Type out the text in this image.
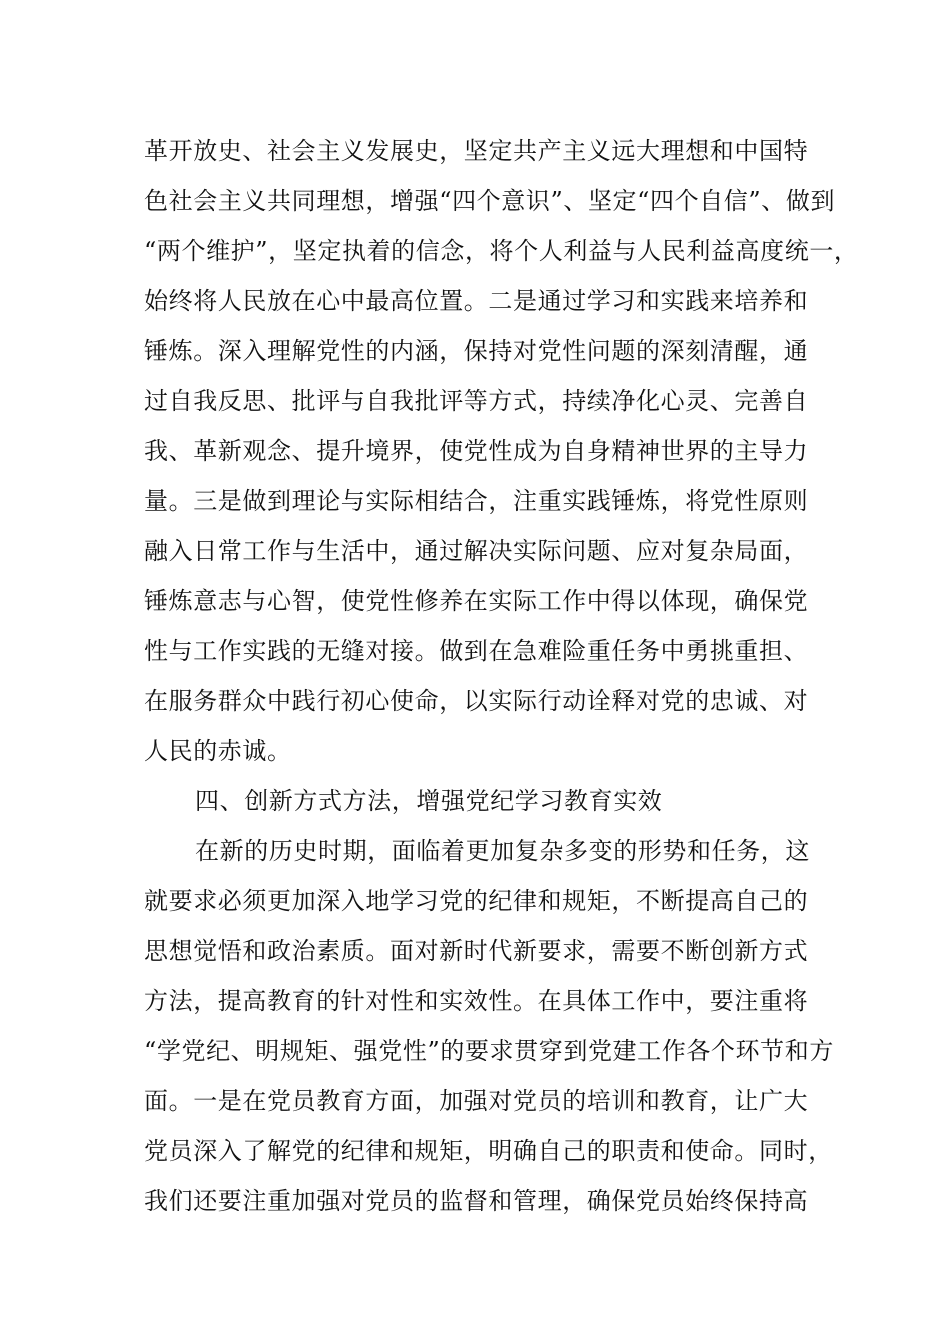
革开放史、社会主义发展史，坚定共产主义远大理想和中国特
色社会主义共同理想，增强“四个意识”、坚定“四个自信”、做到
“两个维护”，坚定执着的信念，将个人利益与人民利益高度统一，
始终将人民放在心中最高位置。二是通过学习和实践来培养和
锤炼。深入理解党性的内涵，保持对党性问题的深刻清醒，通
过自我反思、批评与自我批评等方式，持续净化心灵、完善自
我、革新观念、提升境界，使党性成为自身精神世界的主导力
量。三是做到理论与实际相结合，注重实践锤炼，将党性原则
融入日常工作与生活中，通过解决实际问题、应对复杂局面，
锤炼意志与心智，使党性修养在实际工作中得以体现，确保党
性与工作实践的无缝对接。做到在急难险重任务中勇挑重担、
在服务群众中践行初心使命，以实际行动诠释对党的忠诚、对
人民的赤诚。
四、创新方式方法，增强党纪学习教育实效
在新的历史时期，面临着更加复杂多变的形势和任务，这
就要求必须更加深入地学习党的纪律和规矩，不断提高自己的
思想觉悟和政治素质。面对新时代新要求，需要不断创新方式
方法，提高教育的针对性和实效性。在具体工作中，要注重将
“学党纪、明规矩、强党性”的要求贯穿到党建工作各个环节和方
面。一是在党员教育方面，加强对党员的培训和教育，让广大
党员深入了解党的纪律和规矩，明确自己的职责和使命。同时，
我们还要注重加强对党员的监督和管理，确保党员始终保持高
